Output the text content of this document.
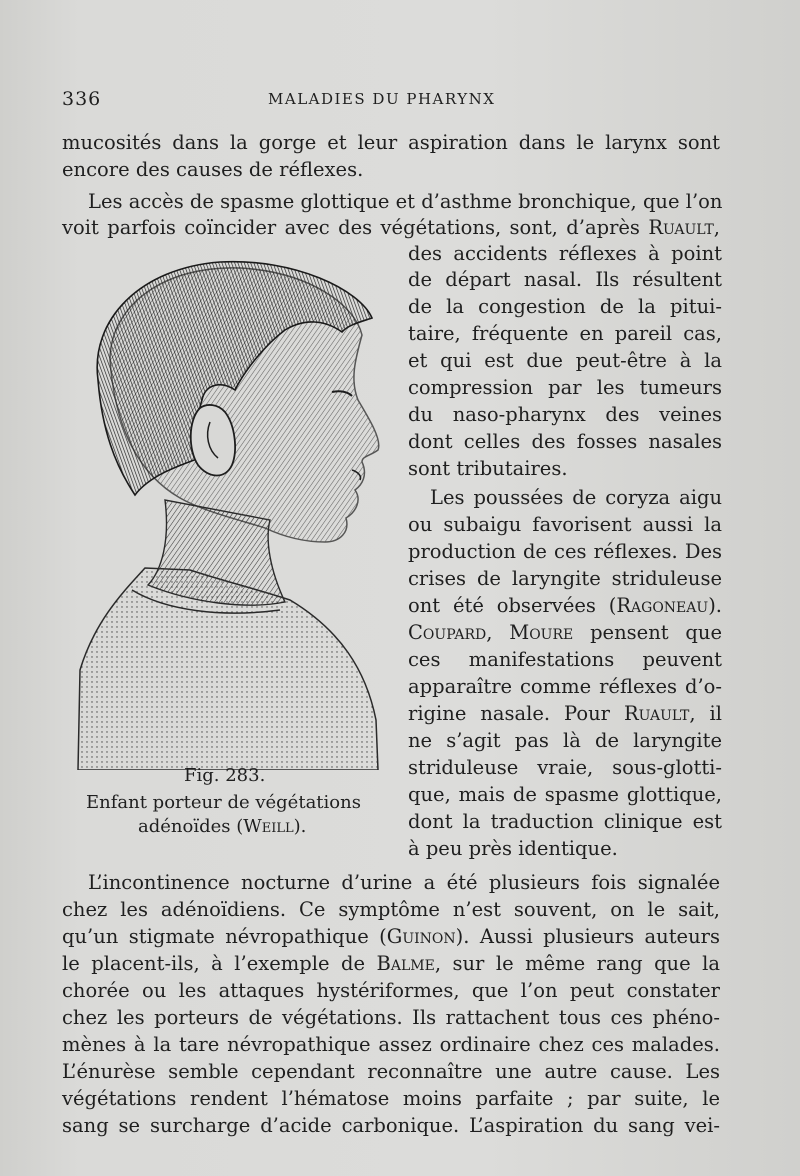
336	MALADIES DU PHARYNX
mucosités dans la gorge et leur aspiration dans le larynx sont
encore des causes de réflexes.
Les accès de spasme glottique et d’asthme bronchique, que l’on
voit parfois coïncider avec des végétations, sont, d’après Ruault,
des accidents réflexes à point
de départ nasal. Ils résultent
de la congestion de la pitui-
taire, fréquente en pareil cas,
et qui est due peut-être à la
compression par les tumeurs
du naso-pharynx des veines
dont celles des fosses nasales
sont tributaires.
Les poussées de coryza aigu
ou subaigu favorisent aussi la
production de ces réflexes. Des
crises de laryngite striduleuse
ont été observées (Ragoneau).
Coupard, Moure pensent que
ces manifestations peuvent
apparaître comme réflexes d’o-
rigine nasale. Pour Ruault, il
ne s’agit pas là de laryngite
striduleuse vraie, sous-glotti-
que, mais de spasme glottique,
dont la traduction clinique est
à peu près identique.
Fig. 283.
Enfant porteur de végétations
adénoïdes (Weill).
L’incontinence nocturne d’urine a été plusieurs fois signalée
chez les adénoïdiens. Ce symptôme n’est souvent, on le sait,
qu’un stigmate névropathique (Guinon). Aussi plusieurs auteurs
le placent-ils, à l’exemple de Balme, sur le même rang que la
chorée ou les attaques hystériformes, que l’on peut constater
chez les porteurs de végétations. Ils rattachent tous ces phéno-
mènes à la tare névropathique assez ordinaire chez ces malades.
L’énurèse semble cependant reconnaître une autre cause. Les
végétations rendent l’hématose moins parfaite ; par suite, le
sang se surcharge d’acide carbonique. L’aspiration du sang vei-
